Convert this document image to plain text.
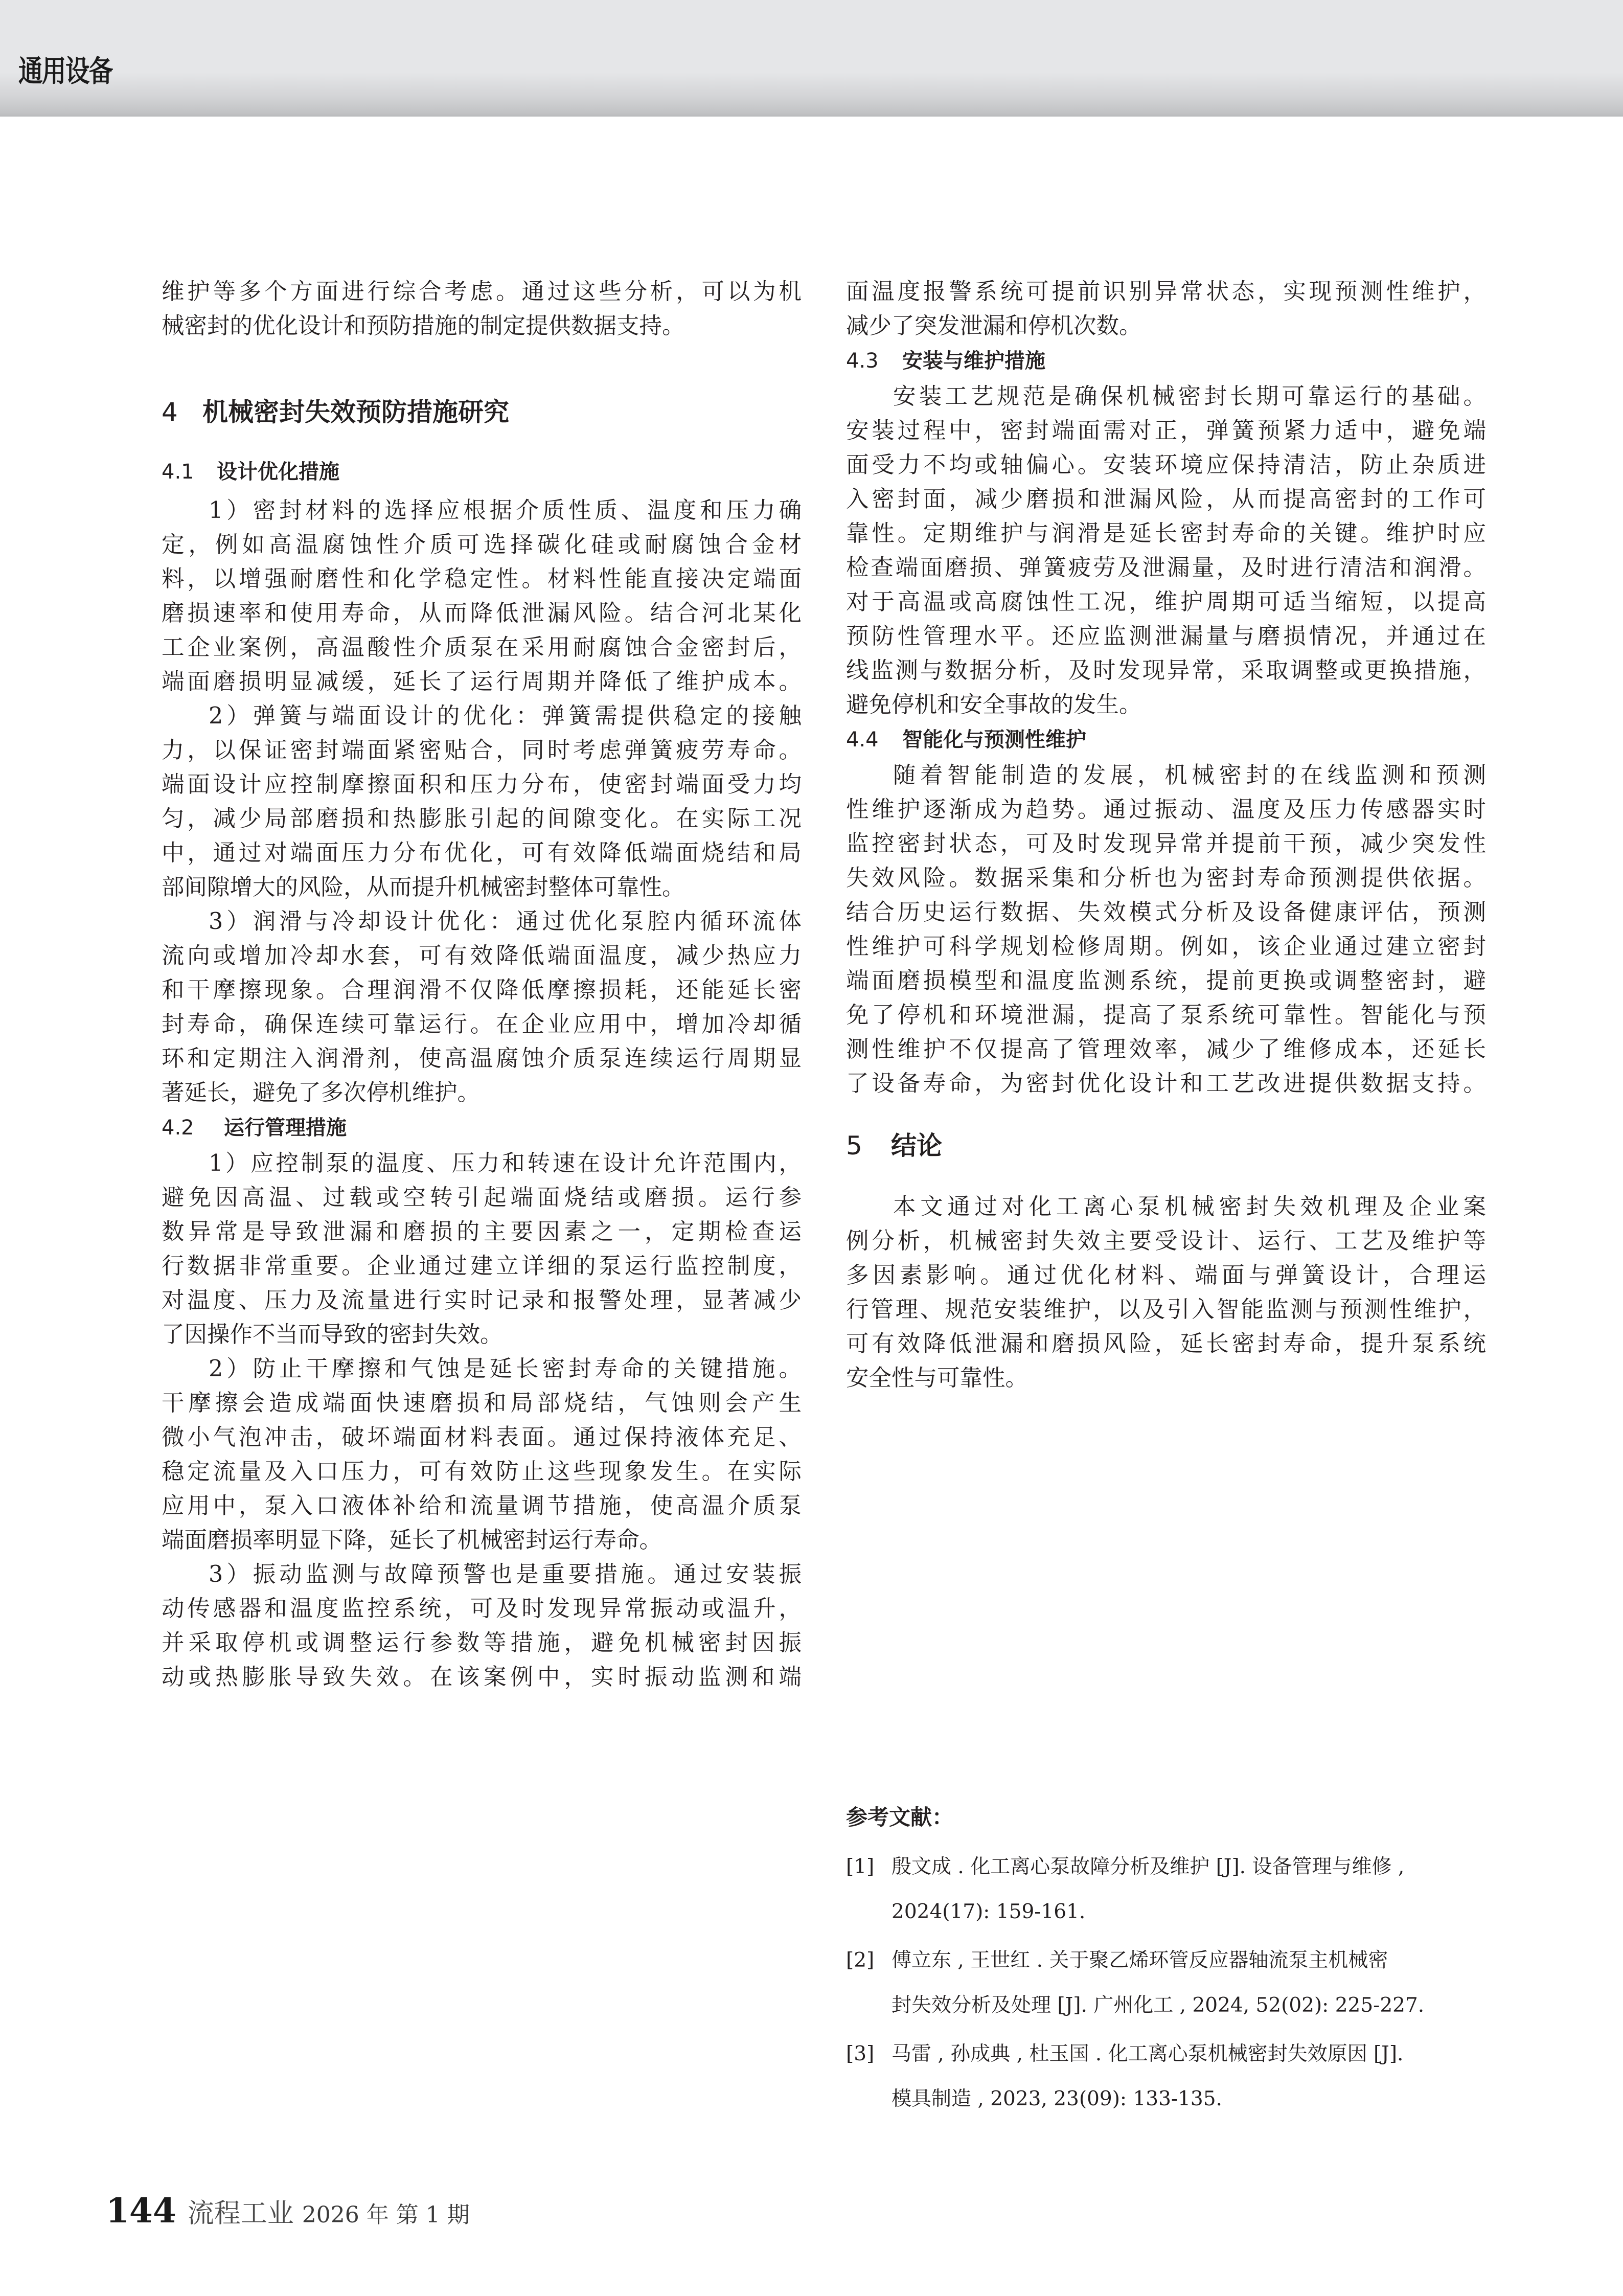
通用设备
维护等多个方面进行综合考虑。通过这些分析，可以为机
械密封的优化设计和预防措施的制定提供数据支持。
4 机械密封失效预防措施研究
4.1 设计优化措施
1）密封材料的选择应根据介质性质、温度和压力确
定，例如高温腐蚀性介质可选择碳化硅或耐腐蚀合金材
料，以增强耐磨性和化学稳定性。材料性能直接决定端面
磨损速率和使用寿命，从而降低泄漏风险。结合河北某化
工企业案例，高温酸性介质泵在采用耐腐蚀合金密封后，
端面磨损明显减缓，延长了运行周期并降低了维护成本。
2）弹簧与端面设计的优化：弹簧需提供稳定的接触
力，以保证密封端面紧密贴合，同时考虑弹簧疲劳寿命。
端面设计应控制摩擦面积和压力分布，使密封端面受力均
匀，减少局部磨损和热膨胀引起的间隙变化。在实际工况
中，通过对端面压力分布优化，可有效降低端面烧结和局
部间隙增大的风险，从而提升机械密封整体可靠性。
3）润滑与冷却设计优化：通过优化泵腔内循环流体
流向或增加冷却水套，可有效降低端面温度，减少热应力
和干摩擦现象。合理润滑不仅降低摩擦损耗，还能延长密
封寿命，确保连续可靠运行。在企业应用中，增加冷却循
环和定期注入润滑剂，使高温腐蚀介质泵连续运行周期显
著延长，避免了多次停机维护。
4.2 运行管理措施
1）应控制泵的温度、压力和转速在设计允许范围内，
避免因高温、过载或空转引起端面烧结或磨损。运行参
数异常是导致泄漏和磨损的主要因素之一，定期检查运
行数据非常重要。企业通过建立详细的泵运行监控制度，
对温度、压力及流量进行实时记录和报警处理，显著减少
了因操作不当而导致的密封失效。
2）防止干摩擦和气蚀是延长密封寿命的关键措施。
干摩擦会造成端面快速磨损和局部烧结，气蚀则会产生
微小气泡冲击，破坏端面材料表面。通过保持液体充足、
稳定流量及入口压力，可有效防止这些现象发生。在实际
应用中，泵入口液体补给和流量调节措施，使高温介质泵
端面磨损率明显下降，延长了机械密封运行寿命。
3）振动监测与故障预警也是重要措施。通过安装振
动传感器和温度监控系统，可及时发现异常振动或温升，
并采取停机或调整运行参数等措施，避免机械密封因振
动或热膨胀导致失效。在该案例中，实时振动监测和端
面温度报警系统可提前识别异常状态，实现预测性维护，
减少了突发泄漏和停机次数。
4.3 安装与维护措施
安装工艺规范是确保机械密封长期可靠运行的基础。
安装过程中，密封端面需对正，弹簧预紧力适中，避免端
面受力不均或轴偏心。安装环境应保持清洁，防止杂质进
入密封面，减少磨损和泄漏风险，从而提高密封的工作可
靠性。定期维护与润滑是延长密封寿命的关键。维护时应
检查端面磨损、弹簧疲劳及泄漏量，及时进行清洁和润滑。
对于高温或高腐蚀性工况，维护周期可适当缩短，以提高
预防性管理水平。还应监测泄漏量与磨损情况，并通过在
线监测与数据分析，及时发现异常，采取调整或更换措施，
避免停机和安全事故的发生。
4.4 智能化与预测性维护
随着智能制造的发展，机械密封的在线监测和预测
性维护逐渐成为趋势。通过振动、温度及压力传感器实时
监控密封状态，可及时发现异常并提前干预，减少突发性
失效风险。数据采集和分析也为密封寿命预测提供依据。
结合历史运行数据、失效模式分析及设备健康评估，预测
性维护可科学规划检修周期。例如，该企业通过建立密封
端面磨损模型和温度监测系统，提前更换或调整密封，避
免了停机和环境泄漏，提高了泵系统可靠性。智能化与预
测性维护不仅提高了管理效率，减少了维修成本，还延长
了设备寿命，为密封优化设计和工艺改进提供数据支持。
5 结论
本文通过对化工离心泵机械密封失效机理及企业案
例分析，机械密封失效主要受设计、运行、工艺及维护等
多因素影响。通过优化材料、端面与弹簧设计，合理运
行管理、规范安装维护，以及引入智能监测与预测性维护，
可有效降低泄漏和磨损风险，延长密封寿命，提升泵系统
安全性与可靠性。
参考文献：
[1] 殷文成 . 化工离心泵故障分析及维护 [J]. 设备管理与维修 ,
2024(17): 159-161.
[2] 傅立东 , 王世红 . 关于聚乙烯环管反应器轴流泵主机械密
封失效分析及处理 [J]. 广州化工 , 2024, 52(02): 225-227.
[3] 马雷 , 孙成典 , 杜玉国 . 化工离心泵机械密封失效原因 [J].
模具制造 , 2023, 23(09): 133-135.
144 流程工业 2026 年 第 1 期
